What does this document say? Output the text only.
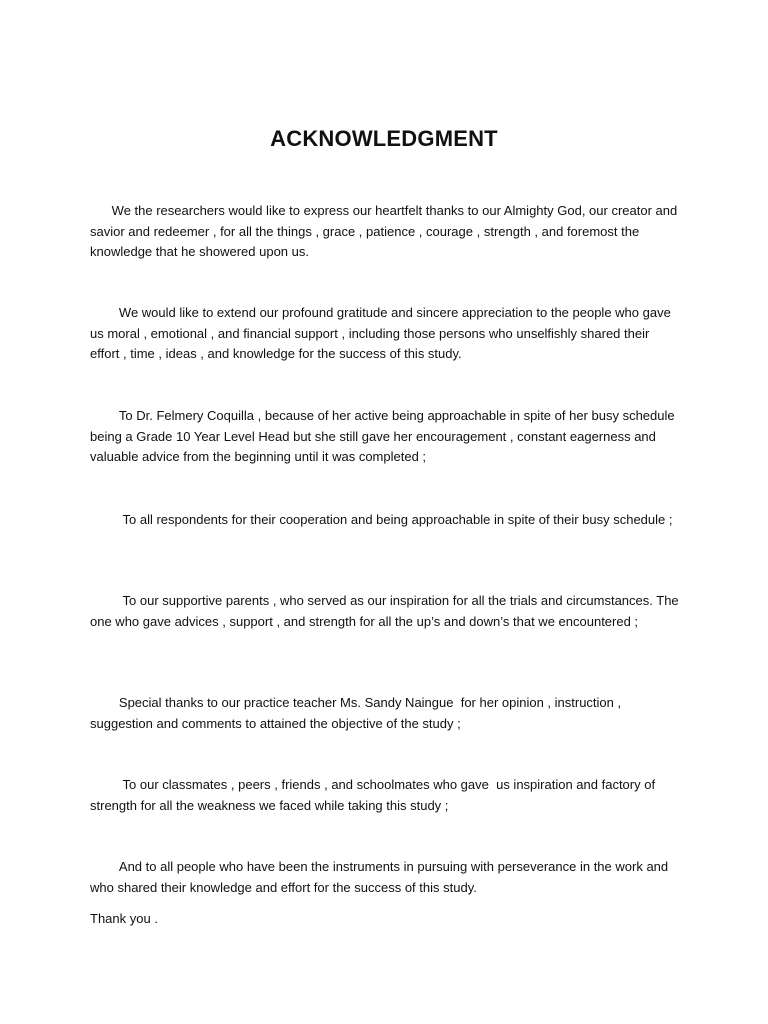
ACKNOWLEDGMENT
We the researchers would like to express our heartfelt thanks to our Almighty God, our creator and savior and redeemer , for all the things , grace , patience , courage , strength , and foremost the knowledge that he showered upon us.
We would like to extend our profound gratitude and sincere appreciation to the people who gave us moral , emotional , and financial support , including those persons who unselfishly shared their effort , time , ideas , and knowledge for the success of this study.
To Dr. Felmery Coquilla , because of her active being approachable in spite of her busy schedule being a Grade 10 Year Level Head but she still gave her encouragement , constant eagerness and valuable advice from the beginning until it was completed ;
To all respondents for their cooperation and being approachable in spite of their busy schedule ;
To our supportive parents , who served as our inspiration for all the trials and circumstances. The one who gave advices , support , and strength for all the up’s and down’s that we encountered ;
Special thanks to our practice teacher Ms. Sandy Naingue  for her opinion , instruction , suggestion and comments to attained the objective of the study ;
To our classmates , peers , friends , and schoolmates who gave  us inspiration and factory of strength for all the weakness we faced while taking this study ;
And to all people who have been the instruments in pursuing with perseverance in the work and who shared their knowledge and effort for the success of this study.
Thank you .
